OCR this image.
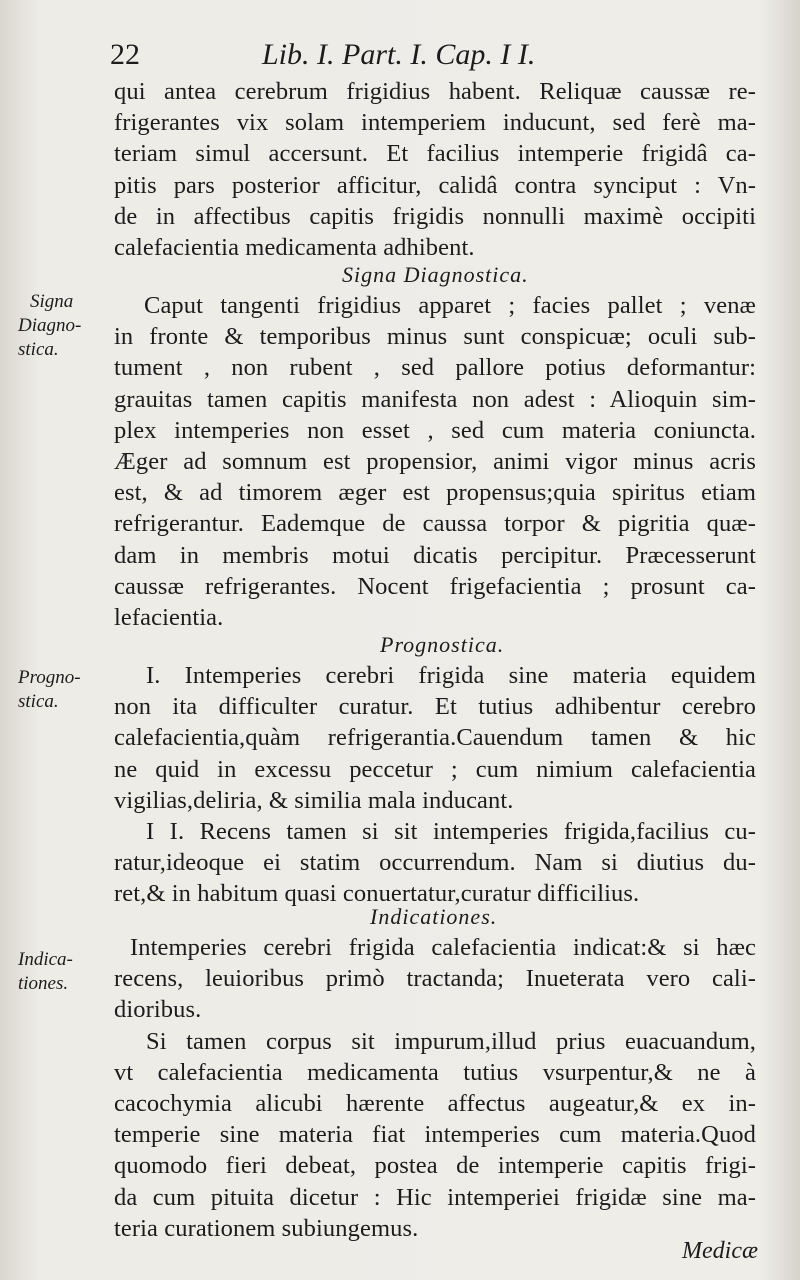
22	Lib. I. Part. I. Cap. I I.
qui antea cerebrum frigidius habent. Reliquæ caussæ re-
frigerantes vix solam intemperiem inducunt, sed ferè ma-
teriam simul accersunt. Et facilius intemperie frigidâ ca-
pitis pars posterior afficitur, calidâ contra synciput : Vn-
de in affectibus capitis frigidis nonnulli maximè occipiti
calefacientia medicamenta adhibent.
Signa Diagnostica.
Signa
Diagno-
stica.
Caput tangenti frigidius apparet ; facies pallet ; venæ
in fronte & temporibus minus sunt conspicuæ; oculi sub-
tument , non rubent , sed pallore potius deformantur:
grauitas tamen capitis manifesta non adest : Alioquin sim-
plex intemperies non esset , sed cum materia coniuncta.
Æger ad somnum est propensior, animi vigor minus acris
est, & ad timorem æger est propensus;quia spiritus etiam
refrigerantur. Eademque de caussa torpor & pigritia quæ-
dam in membris motui dicatis percipitur. Præcesserunt
caussæ refrigerantes. Nocent frigefacientia ; prosunt ca-
lefacientia.
Prognostica.
Progno-
stica.
I. Intemperies cerebri frigida sine materia equidem
non ita difficulter curatur. Et tutius adhibentur cerebro
calefacientia,quàm refrigerantia.Cauendum tamen & hic
ne quid in excessu peccetur ; cum nimium calefacientia
vigilias,deliria, & similia mala inducant.
I I. Recens tamen si sit intemperies frigida,facilius cu-
ratur,ideoque ei statim occurrendum. Nam si diutius du-
ret,& in habitum quasi conuertatur,curatur difficilius.
Indicationes.
Indica-
tiones.
Intemperies cerebri frigida calefacientia indicat:& si hæc
recens, leuioribus primò tractanda; Inueterata vero cali-
dioribus.
Si tamen corpus sit impurum,illud prius euacuandum,
vt calefacientia medicamenta tutius vsurpentur,& ne à
cacochymia alicubi hærente affectus augeatur,& ex in-
temperie sine materia fiat intemperies cum materia.Quod
quomodo fieri debeat, postea de intemperie capitis frigi-
da cum pituita dicetur : Hic intemperiei frigidæ sine ma-
teria curationem subiungemus.
Medicæ
